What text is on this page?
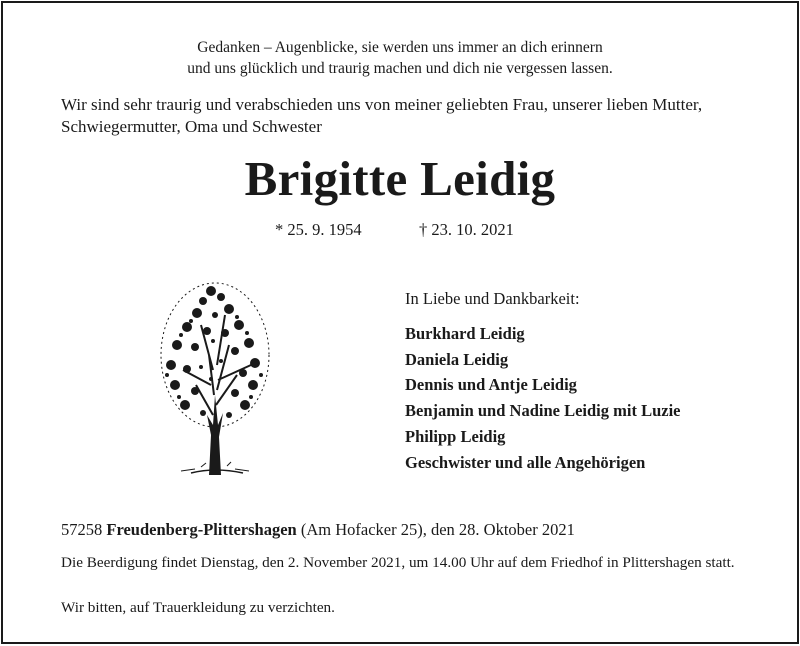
Gedanken – Augenblicke, sie werden uns immer an dich erinnern
und uns glücklich und traurig machen und dich nie vergessen lassen.
Wir sind sehr traurig und verabschieden uns von meiner geliebten Frau, unserer lieben Mutter, Schwiegermutter, Oma und Schwester
Brigitte Leidig
* 25. 9. 1954	† 23. 10. 2021
In Liebe und Dankbarkeit:
Burkhard Leidig
Daniela Leidig
Dennis und Antje Leidig
Benjamin und Nadine Leidig mit Luzie
Philipp Leidig
Geschwister und alle Angehörigen
57258 Freudenberg-Plittershagen (Am Hofacker 25), den 28. Oktober 2021
Die Beerdigung findet Dienstag, den 2. November 2021, um 14.00 Uhr auf dem Friedhof in Plittershagen statt.
Wir bitten, auf Trauerkleidung zu verzichten.
